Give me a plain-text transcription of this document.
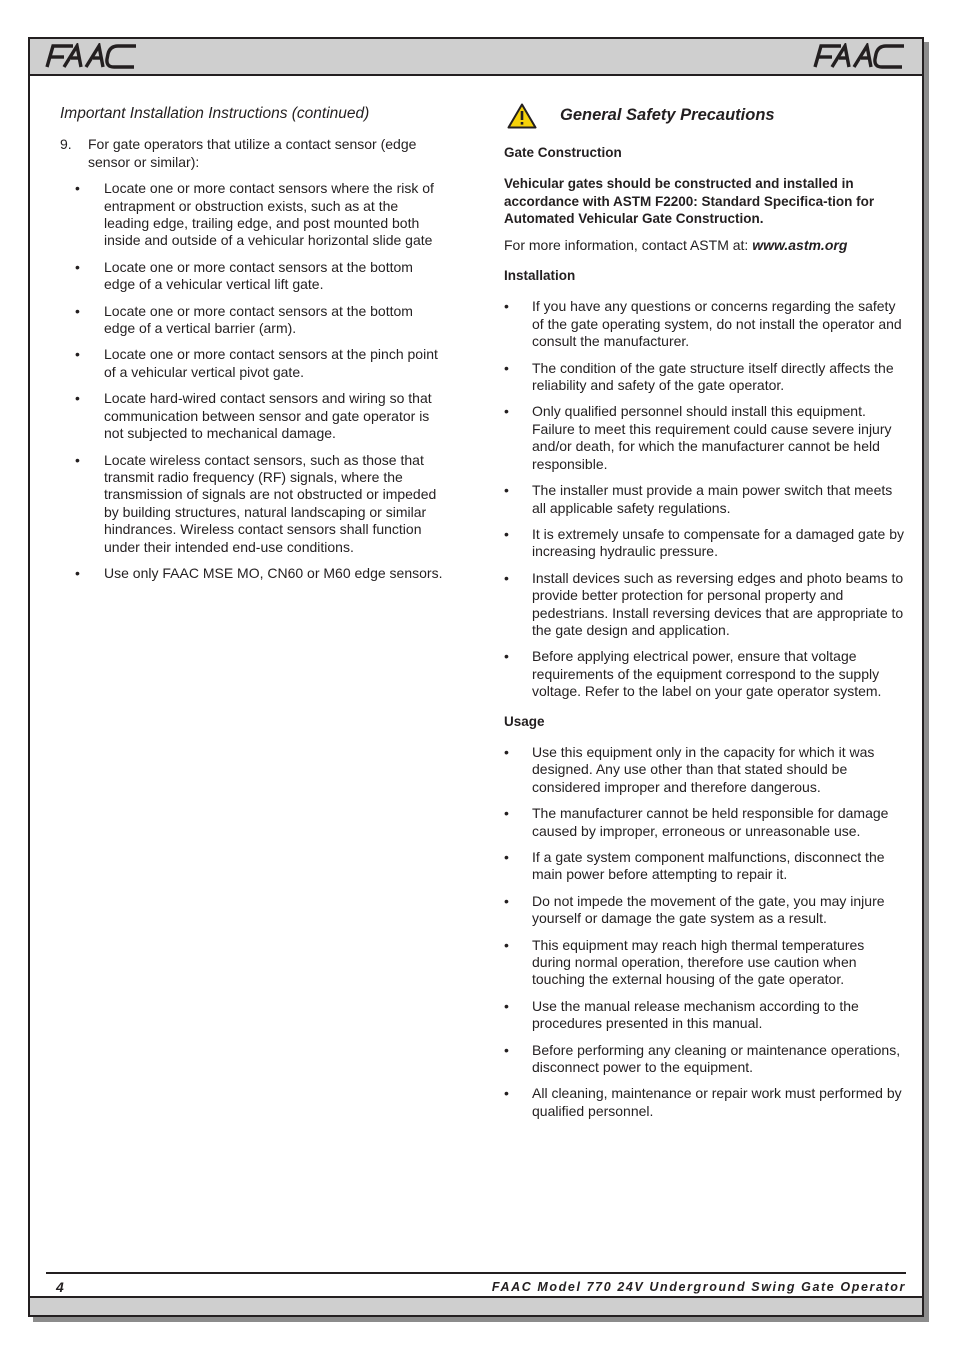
Important Installation Instructions (continued)
9.	For gate operators that utilize a contact sensor (edge sensor or similar):
•	Locate one or more contact sensors where the risk of entrapment or obstruction exists, such as at the leading edge, trailing edge, and post mounted both inside and outside of a vehicular horizontal slide gate
•	Locate one or more contact sensors at the bottom edge of a vehicular vertical lift gate.
•	Locate one or more contact sensors at the bottom edge of a vertical barrier (arm).
•	Locate one or more contact sensors at the pinch point of a vehicular vertical pivot gate.
•	Locate hard-wired contact sensors and wiring so that communication between sensor and gate operator is not subjected to mechanical damage.
•	Locate wireless contact sensors, such as those that transmit radio frequency (RF) signals, where the transmission of signals are not obstructed or impeded by building structures, natural landscaping or similar hindrances. Wireless contact sensors shall function under their intended end-use conditions.
•	Use only FAAC MSE MO, CN60 or M60 edge sensors.
General Safety Precautions
Gate Construction
Vehicular gates should be constructed and installed in accordance with ASTM F2200: Standard Specifica-tion for Automated Vehicular Gate Construction.
For more information, contact ASTM at: www.astm.org
Installation
•	If you have any questions or concerns regarding the safety of the gate operating system, do not install the operator and consult the manufacturer.
•	The condition of the gate structure itself directly affects the reliability and safety of the gate operator.
•	Only qualified personnel should install this equipment. Failure to meet this requirement could cause severe injury and/or death, for which the manufacturer cannot be held responsible.
•	The installer must provide a main power switch that meets all applicable safety regulations.
•	It is extremely unsafe to compensate for a damaged gate by increasing hydraulic pressure.
•	Install devices such as reversing edges and photo beams to provide better protection for personal property and pedestrians. Install reversing devices that are appropriate to the gate design and application.
•	Before applying electrical power, ensure that voltage requirements of the equipment correspond to the supply voltage. Refer to the label on your gate operator system.
Usage
•	Use this equipment only in the capacity for which it was designed. Any use other than that stated should be considered improper and therefore dangerous.
•	The manufacturer cannot be held responsible for damage caused by improper, erroneous or unreasonable use.
•	If a gate system component malfunctions, disconnect the main power before attempting to repair it.
•	Do not impede the movement of the gate, you may injure yourself or damage the gate system as a result.
•	This equipment may reach high thermal temperatures during normal operation, therefore use caution when touching the external housing of the gate operator.
•	Use the manual release mechanism according to the procedures presented in this manual.
•	Before performing any cleaning or maintenance operations, disconnect power to the equipment.
•	All cleaning, maintenance or repair work must performed by qualified personnel.
4	FAAC Model 770 24V Underground Swing Gate Operator
